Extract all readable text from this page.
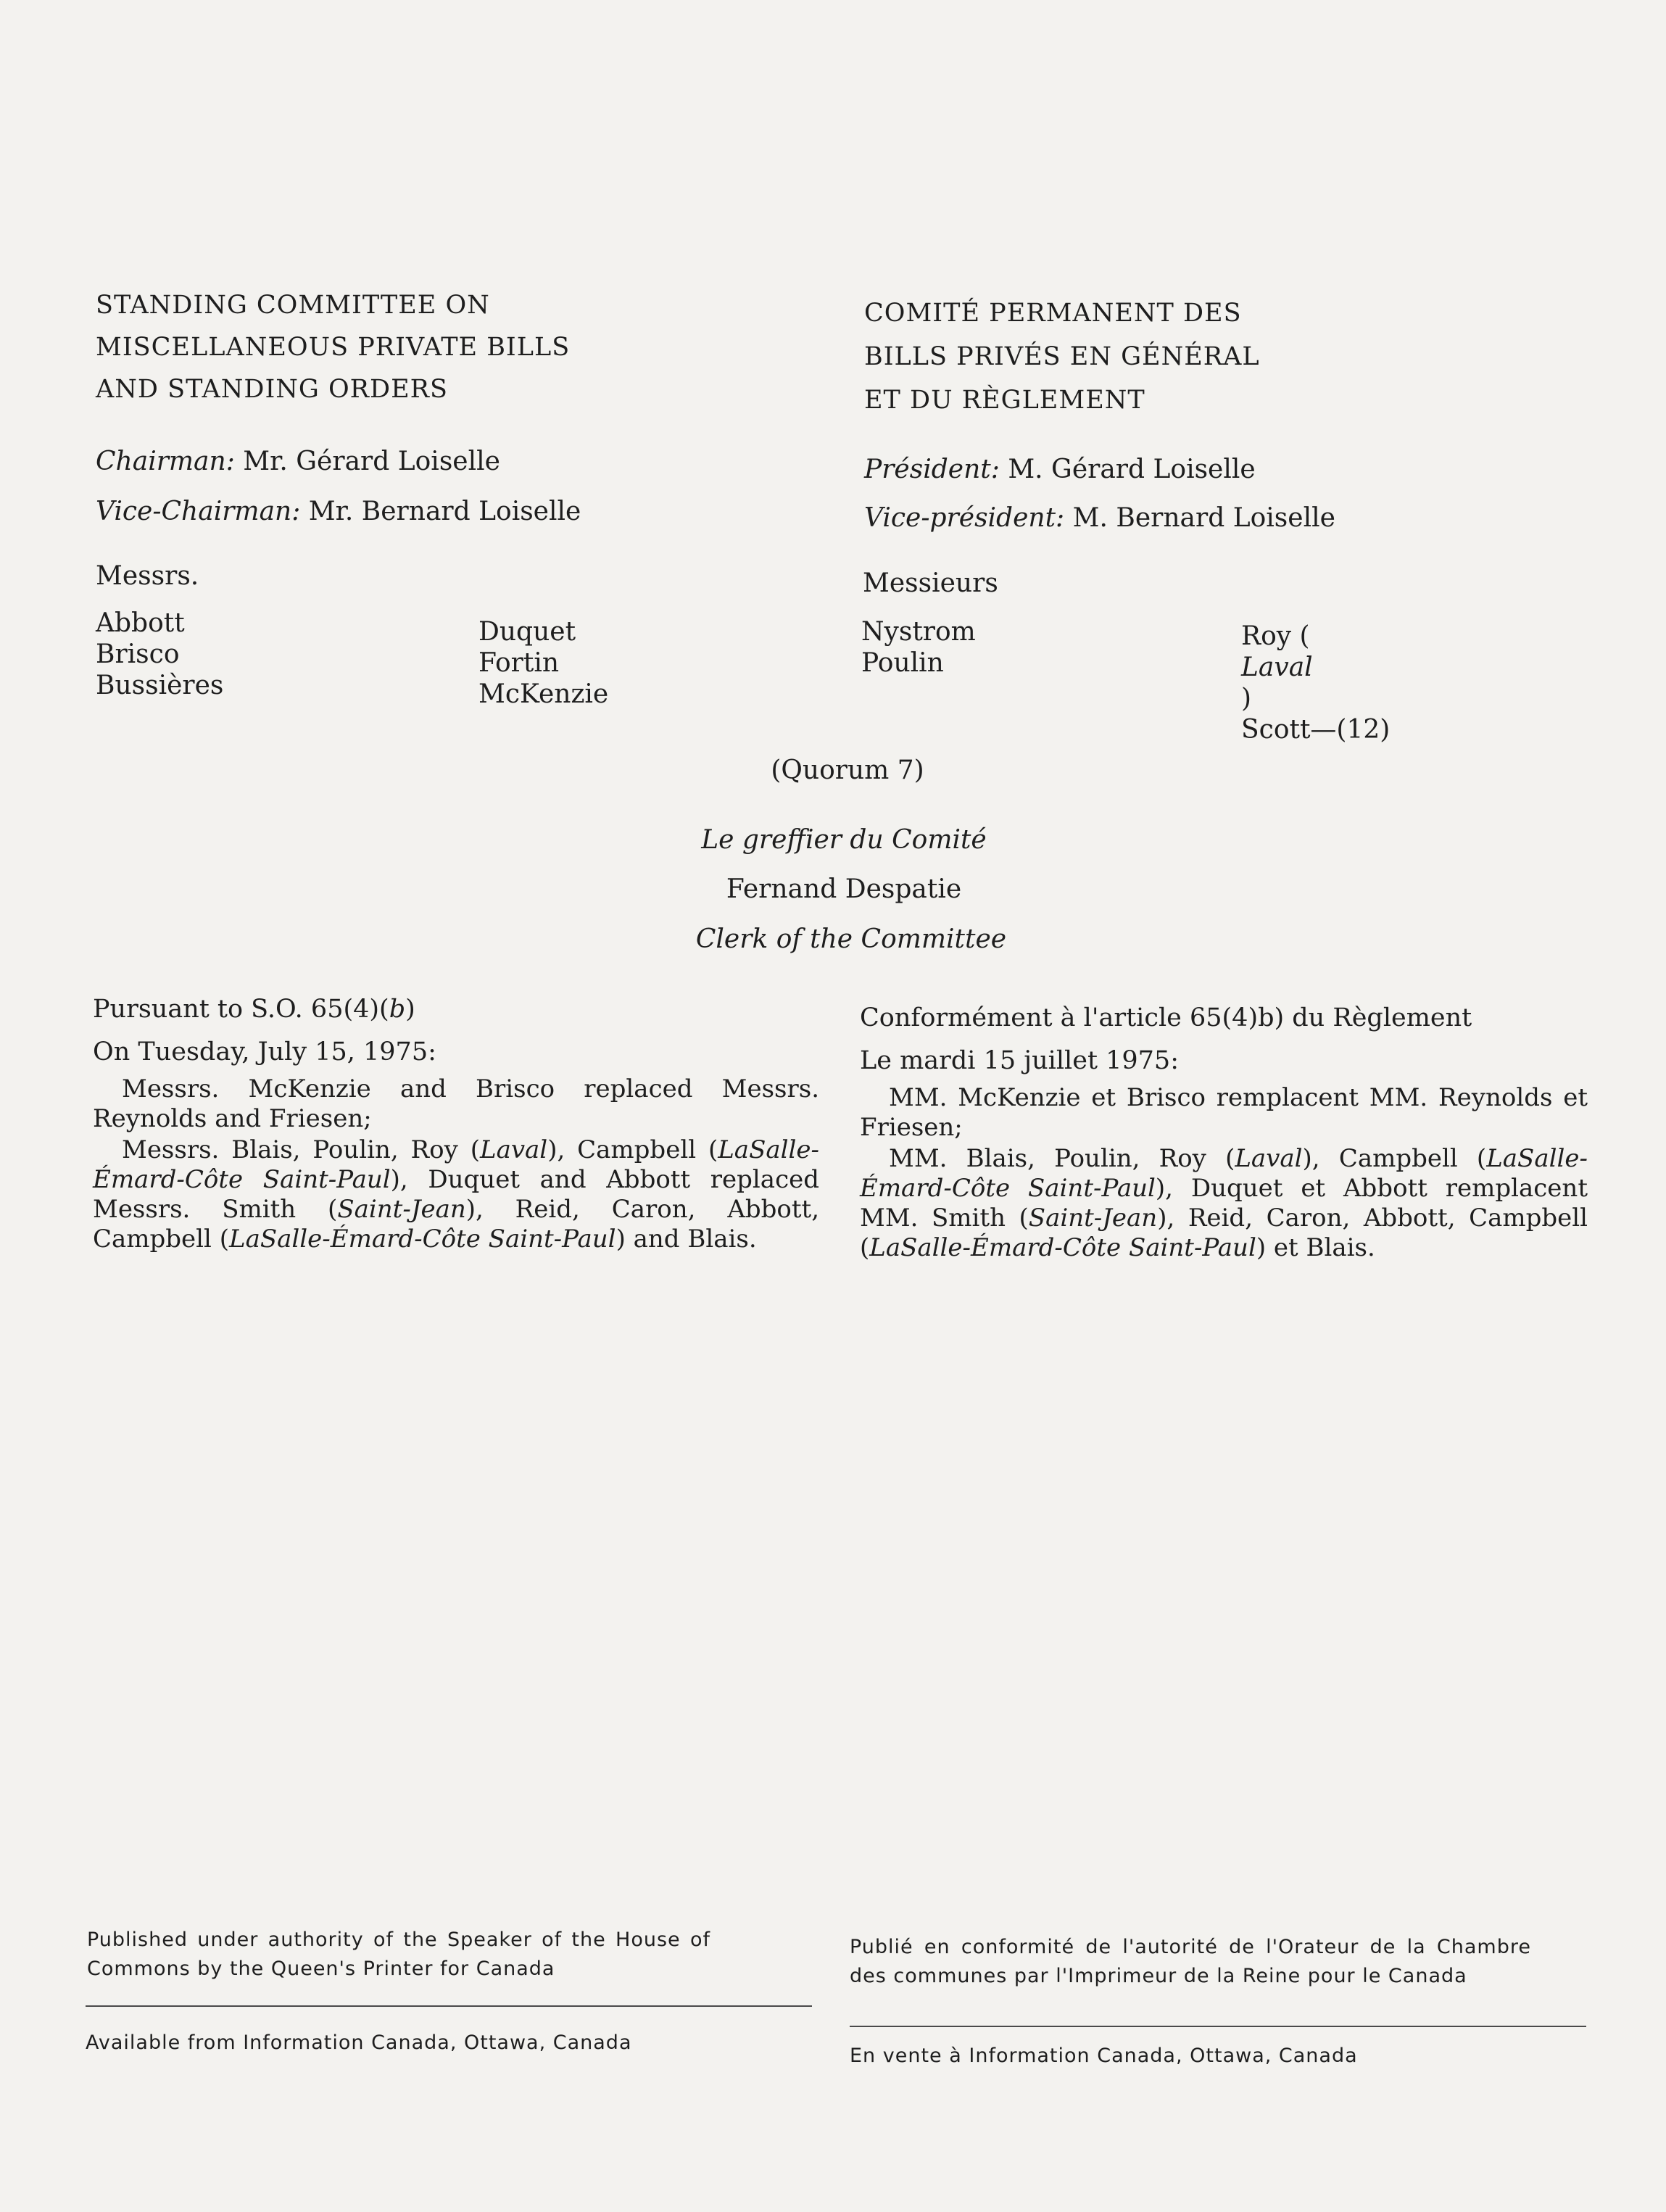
STANDING COMMITTEE ON
MISCELLANEOUS PRIVATE BILLS
AND STANDING ORDERS
COMITÉ PERMANENT DES
BILLS PRIVÉS EN GÉNÉRAL
ET DU RÈGLEMENT
Chairman: Mr. Gérard Loiselle
Vice-Chairman: Mr. Bernard Loiselle
Président: M. Gérard Loiselle
Vice-président: M. Bernard Loiselle
Messrs.	Messieurs
Abbott
Brisco
Bussières
Duquet
Fortin
McKenzie
Nystrom
Poulin
Roy (
Laval
)
Scott—(12)
(Quorum 7)
Le greffier du Comité
Fernand Despatie
Clerk of the Committee

Pursuant to S.O. 65(4)(b)

On Tuesday, July 15, 1975:

Messrs. McKenzie and Brisco replaced Messrs. Reynolds and Friesen;

Messrs. Blais, Poulin, Roy (Laval), Campbell (LaSalle-Émard-Côte Saint-Paul), Duquet and Abbott replaced Messrs. Smith (Saint-Jean), Reid, Caron, Abbott, Campbell (LaSalle-Émard-Côte Saint-Paul) and Blais.

Conformément à l'article 65(4)b) du Règlement

Le mardi 15 juillet 1975:

MM. McKenzie et Brisco remplacent MM. Reynolds et Friesen;

MM. Blais, Poulin, Roy (Laval), Campbell (LaSalle-Émard-Côte Saint-Paul), Duquet et Abbott remplacent MM. Smith (Saint-Jean), Reid, Caron, Abbott, Campbell (LaSalle-Émard-Côte Saint-Paul) et Blais.

Published under authority of the Speaker of the House of Commons by the Queen's Printer for Canada
Publié en conformité de l'autorité de l'Orateur de la Chambre des communes par l'Imprimeur de la Reine pour le Canada
Available from Information Canada, Ottawa, Canada
En vente à Information Canada, Ottawa, Canada
